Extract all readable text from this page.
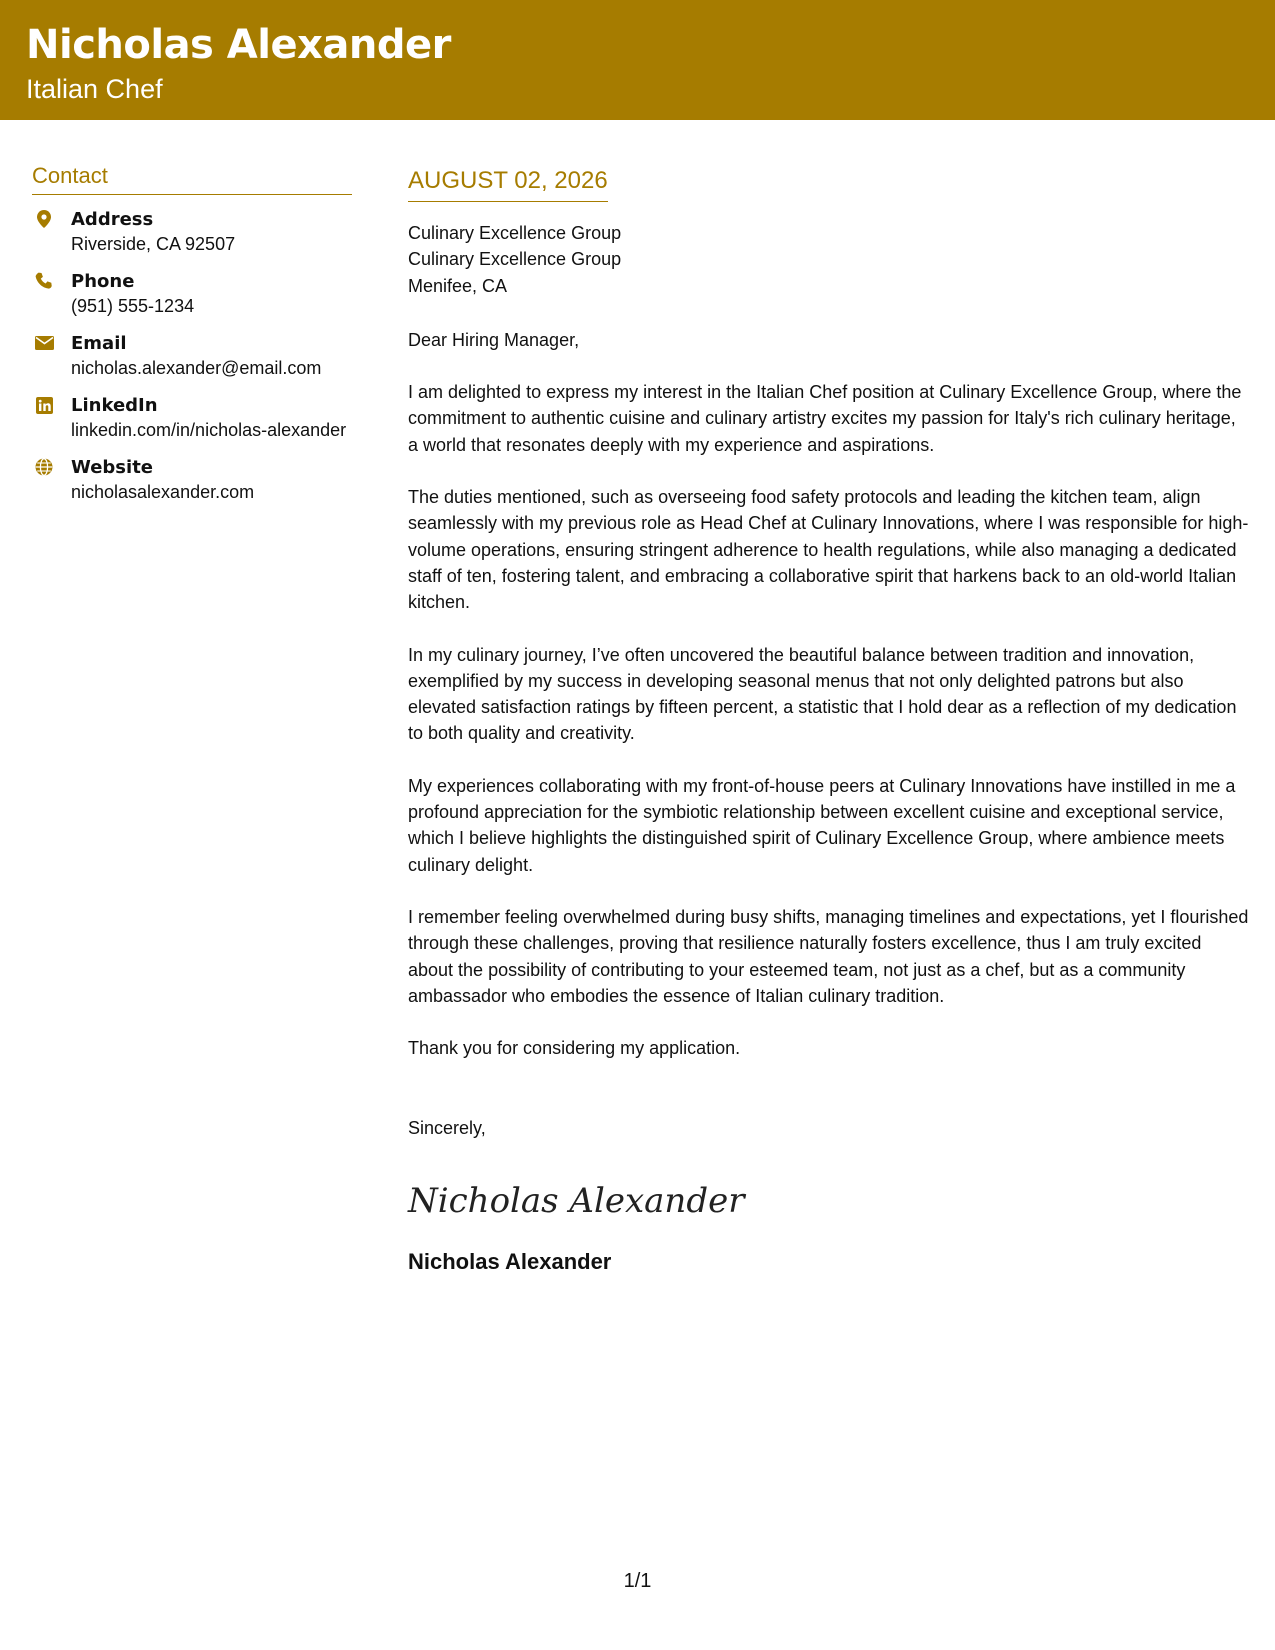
Nicholas Alexander
Italian Chef
Contact
Address
Riverside, CA 92507
Phone
(951) 555-1234
Email
nicholas.alexander@email.com
LinkedIn
linkedin.com/in/nicholas-alexander
Website
nicholasalexander.com
AUGUST 02, 2026

Culinary Excellence Group

Culinary Excellence Group

Menifee, CA

Dear Hiring Manager,

I am delighted to express my interest in the Italian Chef position at Culinary Excellence Group, where the commitment to authentic cuisine and culinary artistry excites my passion for Italy's rich culinary heritage, a world that resonates deeply with my experience and aspirations.

The duties mentioned, such as overseeing food safety protocols and leading the kitchen team, align seamlessly with my previous role as Head Chef at Culinary Innovations, where I was responsible for high-volume operations, ensuring stringent adherence to health regulations, while also managing a dedicated staff of ten, fostering talent, and embracing a collaborative spirit that harkens back to an old-world Italian kitchen.

In my culinary journey, I’ve often uncovered the beautiful balance between tradition and innovation, exemplified by my success in developing seasonal menus that not only delighted patrons but also elevated satisfaction ratings by fifteen percent, a statistic that I hold dear as a reflection of my dedication to both quality and creativity.

My experiences collaborating with my front-of-house peers at Culinary Innovations have instilled in me a profound appreciation for the symbiotic relationship between excellent cuisine and exceptional service, which I believe highlights the distinguished spirit of Culinary Excellence Group, where ambience meets culinary delight.

I remember feeling overwhelmed during busy shifts, managing timelines and expectations, yet I flourished through these challenges, proving that resilience naturally fosters excellence, thus I am truly excited about the possibility of contributing to your esteemed team, not just as a chef, but as a community ambassador who embodies the essence of Italian culinary tradition.

Thank you for considering my application.

Sincerely,

Nicholas Alexander
Nicholas Alexander
1/1
